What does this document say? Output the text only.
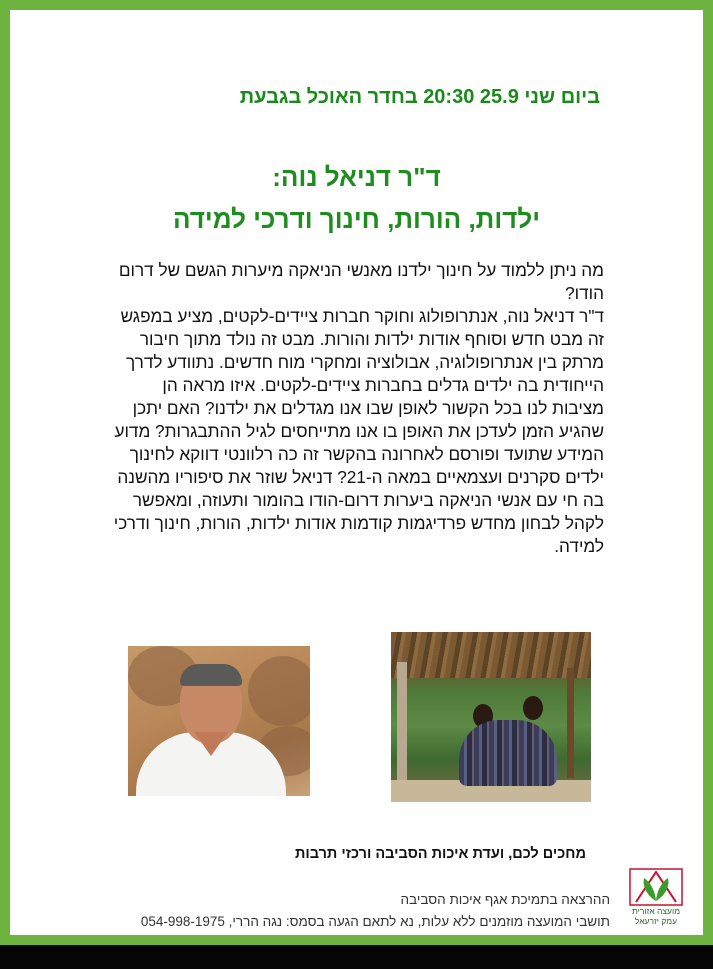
ביום שני 25.9 20:30 בחדר האוכל בגבעת
ד"ר דניאל נוה:
ילדות, הורות, חינוך ודרכי למידה

מה ניתן ללמוד על חינוך ילדנו מאנשי הניאקה מיערות הגשם של דרום הודו?

ד"ר דניאל נוה, אנתרופולוג וחוקר חברות ציידים-לקטים, מציע במפגש זה מבט חדש וסוחף אודות ילדות והורות. מבט זה נולד מתוך חיבור מרתק בין אנתרופולוגיה, אבולוציה ומחקרי מוח חדשים. נתוודע לדרך הייחודית בה ילדים גדלים בחברות ציידים-לקטים. איזו מראה הן מציבות לנו בכל הקשור לאופן שבו אנו מגדלים את ילדנו? האם יתכן שהגיע הזמן לעדכן את האופן בו אנו מתייחסים לגיל ההתבגרות? מדוע המידע שתועד ופורסם לאחרונה בהקשר זה כה רלוונטי דווקא לחינוך ילדים סקרנים ועצמאיים במאה ה-21? דניאל שוזר את סיפוריו מהשנה בה חי עם אנשי הניאקה ביערות דרום-הודו בהומור ותעוזה, ומאפשר לקהל לבחון מחדש פרדיגמות קודמות אודות ילדות, הורות, חינוך ודרכי למידה.

מחכים לכם, ועדת איכות הסביבה ורכזי תרבות
ההרצאה בתמיכת אגף איכות הסביבה
תושבי המועצה מוזמנים ללא עלות, נא לתאם הגעה בסמס: נגה הררי, 054-998-1975
מועצה אזורית עמק יזרעאל
